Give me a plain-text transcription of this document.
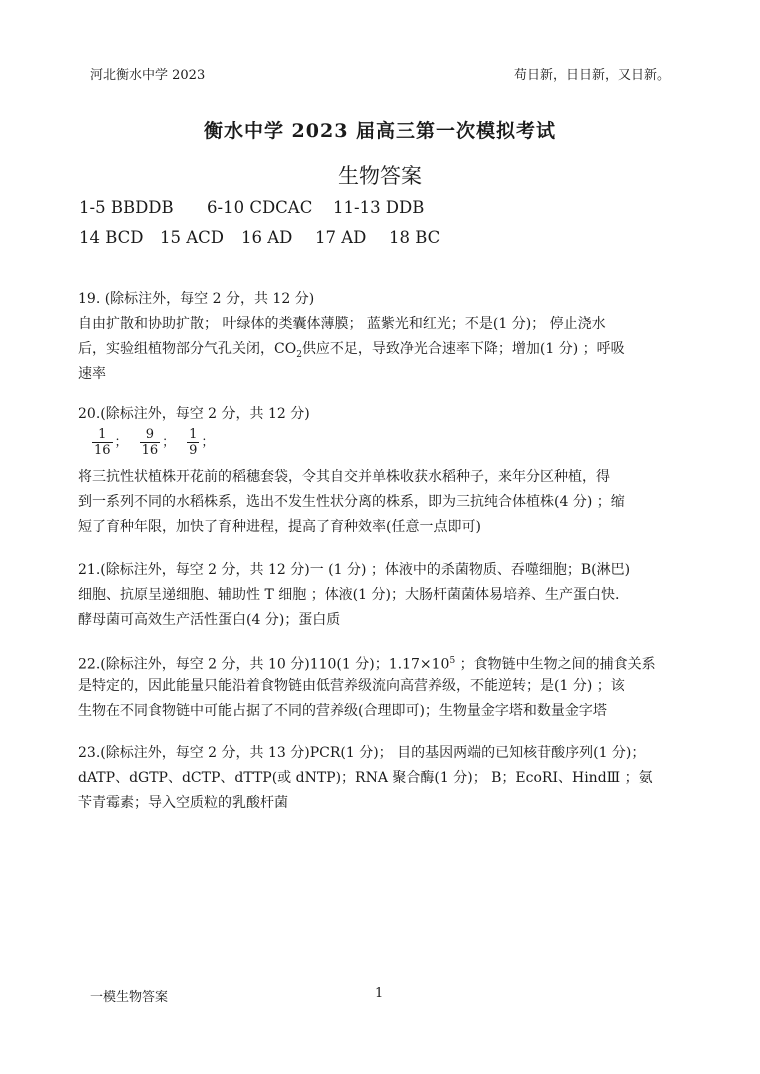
河北衡水中学 2023	苟日新，日日新，又日新。
衡水中学 2023 届高三第一次模拟考试
生物答案
1-5 BBDDB 6-10 CDCAC 11-13 DDB
14 BCD 15 ACD 16 AD 17 AD 18 BC
19. (除标注外，每空 2 分，共 12 分)
自由扩散和协助扩散； 叶绿体的类囊体薄膜； 蓝紫光和红光；不是(1 分)； 停止浇水
后，实验组植物部分气孔关闭，$CO_2$供应不足，导致净光合速率下降；增加(1 分) ；呼吸
速率
20.(除标注外，每空 2 分，共 12 分)
$\frac{1}{16}$ ； $\frac{9}{16}$ ； $\frac{1}{9}$ ；
将三抗性状植株开花前的稻穗套袋，令其自交并单株收获水稻种子，来年分区种植，得
到一系列不同的水稻株系，选出不发生性状分离的株系，即为三抗纯合体植株(4 分) ；缩
短了育种年限，加快了育种进程，提高了育种效率(任意一点即可)
21.(除标注外，每空 2 分，共 12 分)一 (1 分) ；体液中的杀菌物质、吞噬细胞；B(淋巴)
细胞、抗原呈递细胞、辅助性 T 细胞 ；体液(1 分)；大肠杆菌菌体易培养、生产蛋白快.
酵母菌可高效生产活性蛋白(4 分)；蛋白质
22.(除标注外，每空 2 分，共 10 分)110(1 分)；$1.17\times 10^5$ ；食物链中生物之间的捕食关系
是特定的，因此能量只能沿着食物链由低营养级流向高营养级，不能逆转；是(1 分) ；该
生物在不同食物链中可能占据了不同的营养级(合理即可)；生物量金字塔和数量金字塔
23.(除标注外，每空 2 分，共 13 分)PCR(1 分)； 目的基因两端的已知核苷酸序列(1 分)；
dATP、dGTP、dCTP、dTTP(或 dNTP)；RNA 聚合酶(1 分)； B；EcoRⅠ、HindⅢ ；氨
苄青霉素；导入空质粒的乳酸杆菌
一模生物答案	1
